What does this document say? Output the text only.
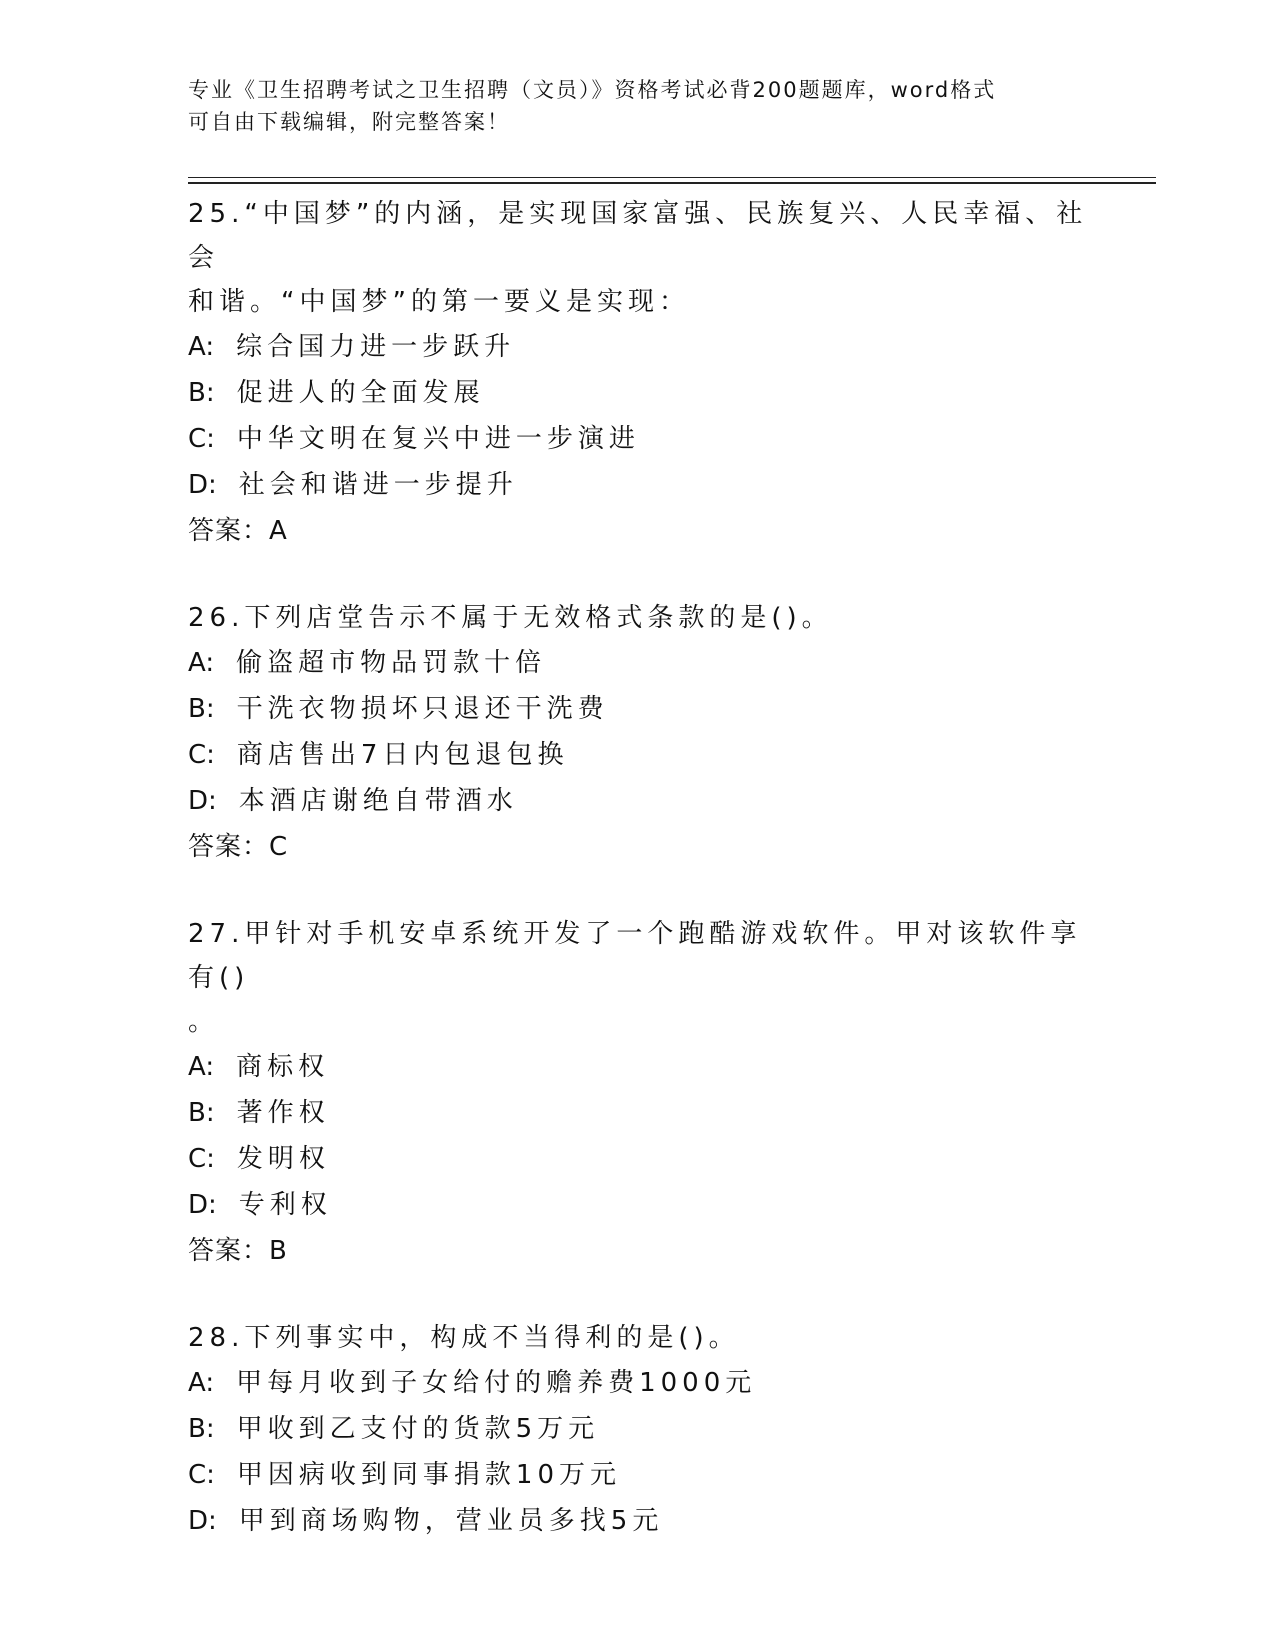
专业《卫生招聘考试之卫生招聘（文员）》资格考试必背200题题库，word格式

可自由下载编辑，附完整答案！

25.“中国梦”的内涵，是实现国家富强、民族复兴、人民幸福、社会

和谐。“中国梦”的第一要义是实现：

A: 综合国力进一步跃升

B: 促进人的全面发展

C: 中华文明在复兴中进一步演进

D: 社会和谐进一步提升

答案：A

26.下列店堂告示不属于无效格式条款的是()。

A: 偷盗超市物品罚款十倍

B: 干洗衣物损坏只退还干洗费

C: 商店售出7日内包退包换

D: 本酒店谢绝自带酒水

答案：C

27.甲针对手机安卓系统开发了一个跑酷游戏软件。甲对该软件享有()

。

A: 商标权

B: 著作权

C: 发明权

D: 专利权

答案：B

28.下列事实中，构成不当得利的是()。

A: 甲每月收到子女给付的赡养费1000元

B: 甲收到乙支付的货款5万元

C: 甲因病收到同事捐款10万元

D: 甲到商场购物，营业员多找5元
